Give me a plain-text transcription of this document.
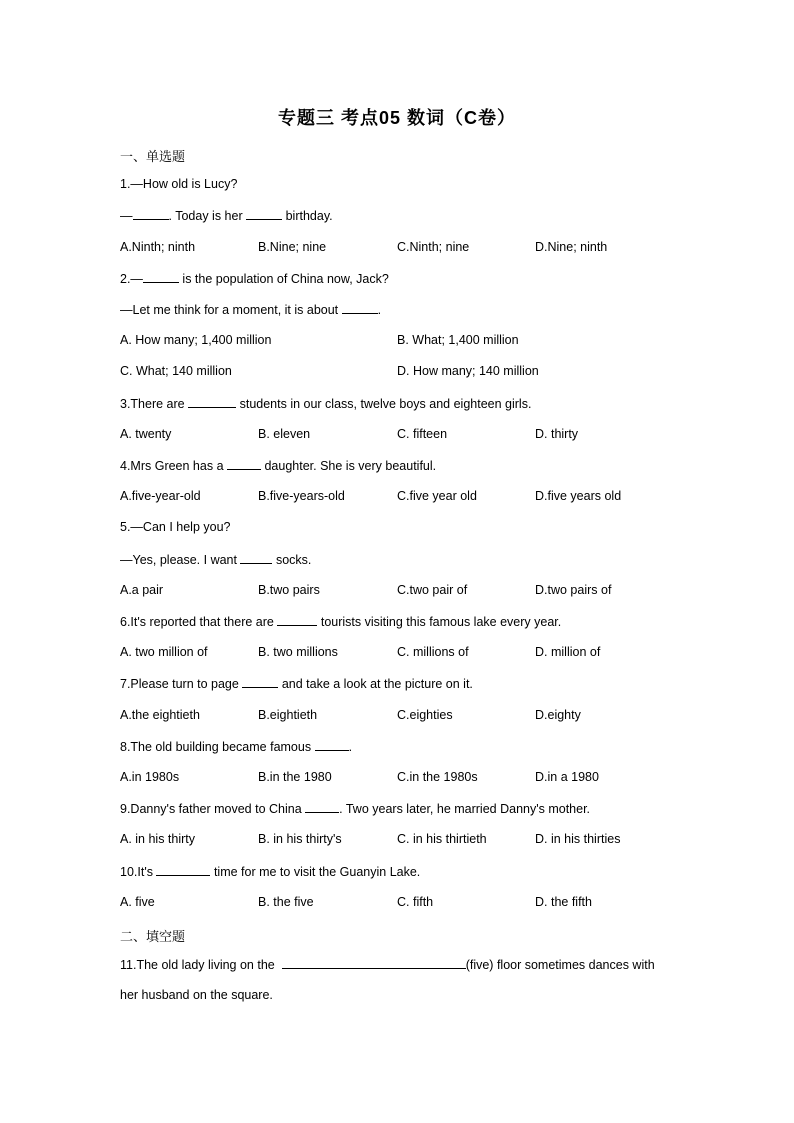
专题三 考点05 数词（C卷）
一、单选题
1.—How old is Lucy?
—	. Today is her	birthday.
A.Ninth; ninth	B.Nine; nine	C.Ninth; nine	D.Nine; ninth
2.—	is the population of China now, Jack?
—Let me think for a moment, it is about	.
A. How many; 1,400 million	B. What; 1,400 million
C. What; 140 million	D. How many; 140 million
3.There are	students in our class, twelve boys and eighteen girls.
A. twenty	B. eleven	C. fifteen	D. thirty
4.Mrs Green has a	daughter. She is very beautiful.
A.five-year-old	B.five-years-old	C.five year old	D.five years old
5.—Can I help you?
—Yes, please. I want	socks.
A.a pair	B.two pairs	C.two pair of	D.two pairs of
6.It's reported that there are	tourists visiting this famous lake every year.
A. two million of	B. two millions	C. millions of	D. million of
7.Please turn to page	and take a look at the picture on it.
A.the eightieth	B.eightieth	C.eighties	D.eighty
8.The old building became famous	.
A.in 1980s	B.in the 1980	C.in the 1980s	D.in a 1980
9.Danny's father moved to China	. Two years later, he married Danny's mother.
A. in his thirty	B. in his thirty's	C. in his thirtieth	D. in his thirties
10.It's	time for me to visit the Guanyin Lake.
A. five	B. the five	C. fifth	D. the fifth
二、填空题
11.The old lady living on the	(five) floor sometimes dances with
her husband on the square.
